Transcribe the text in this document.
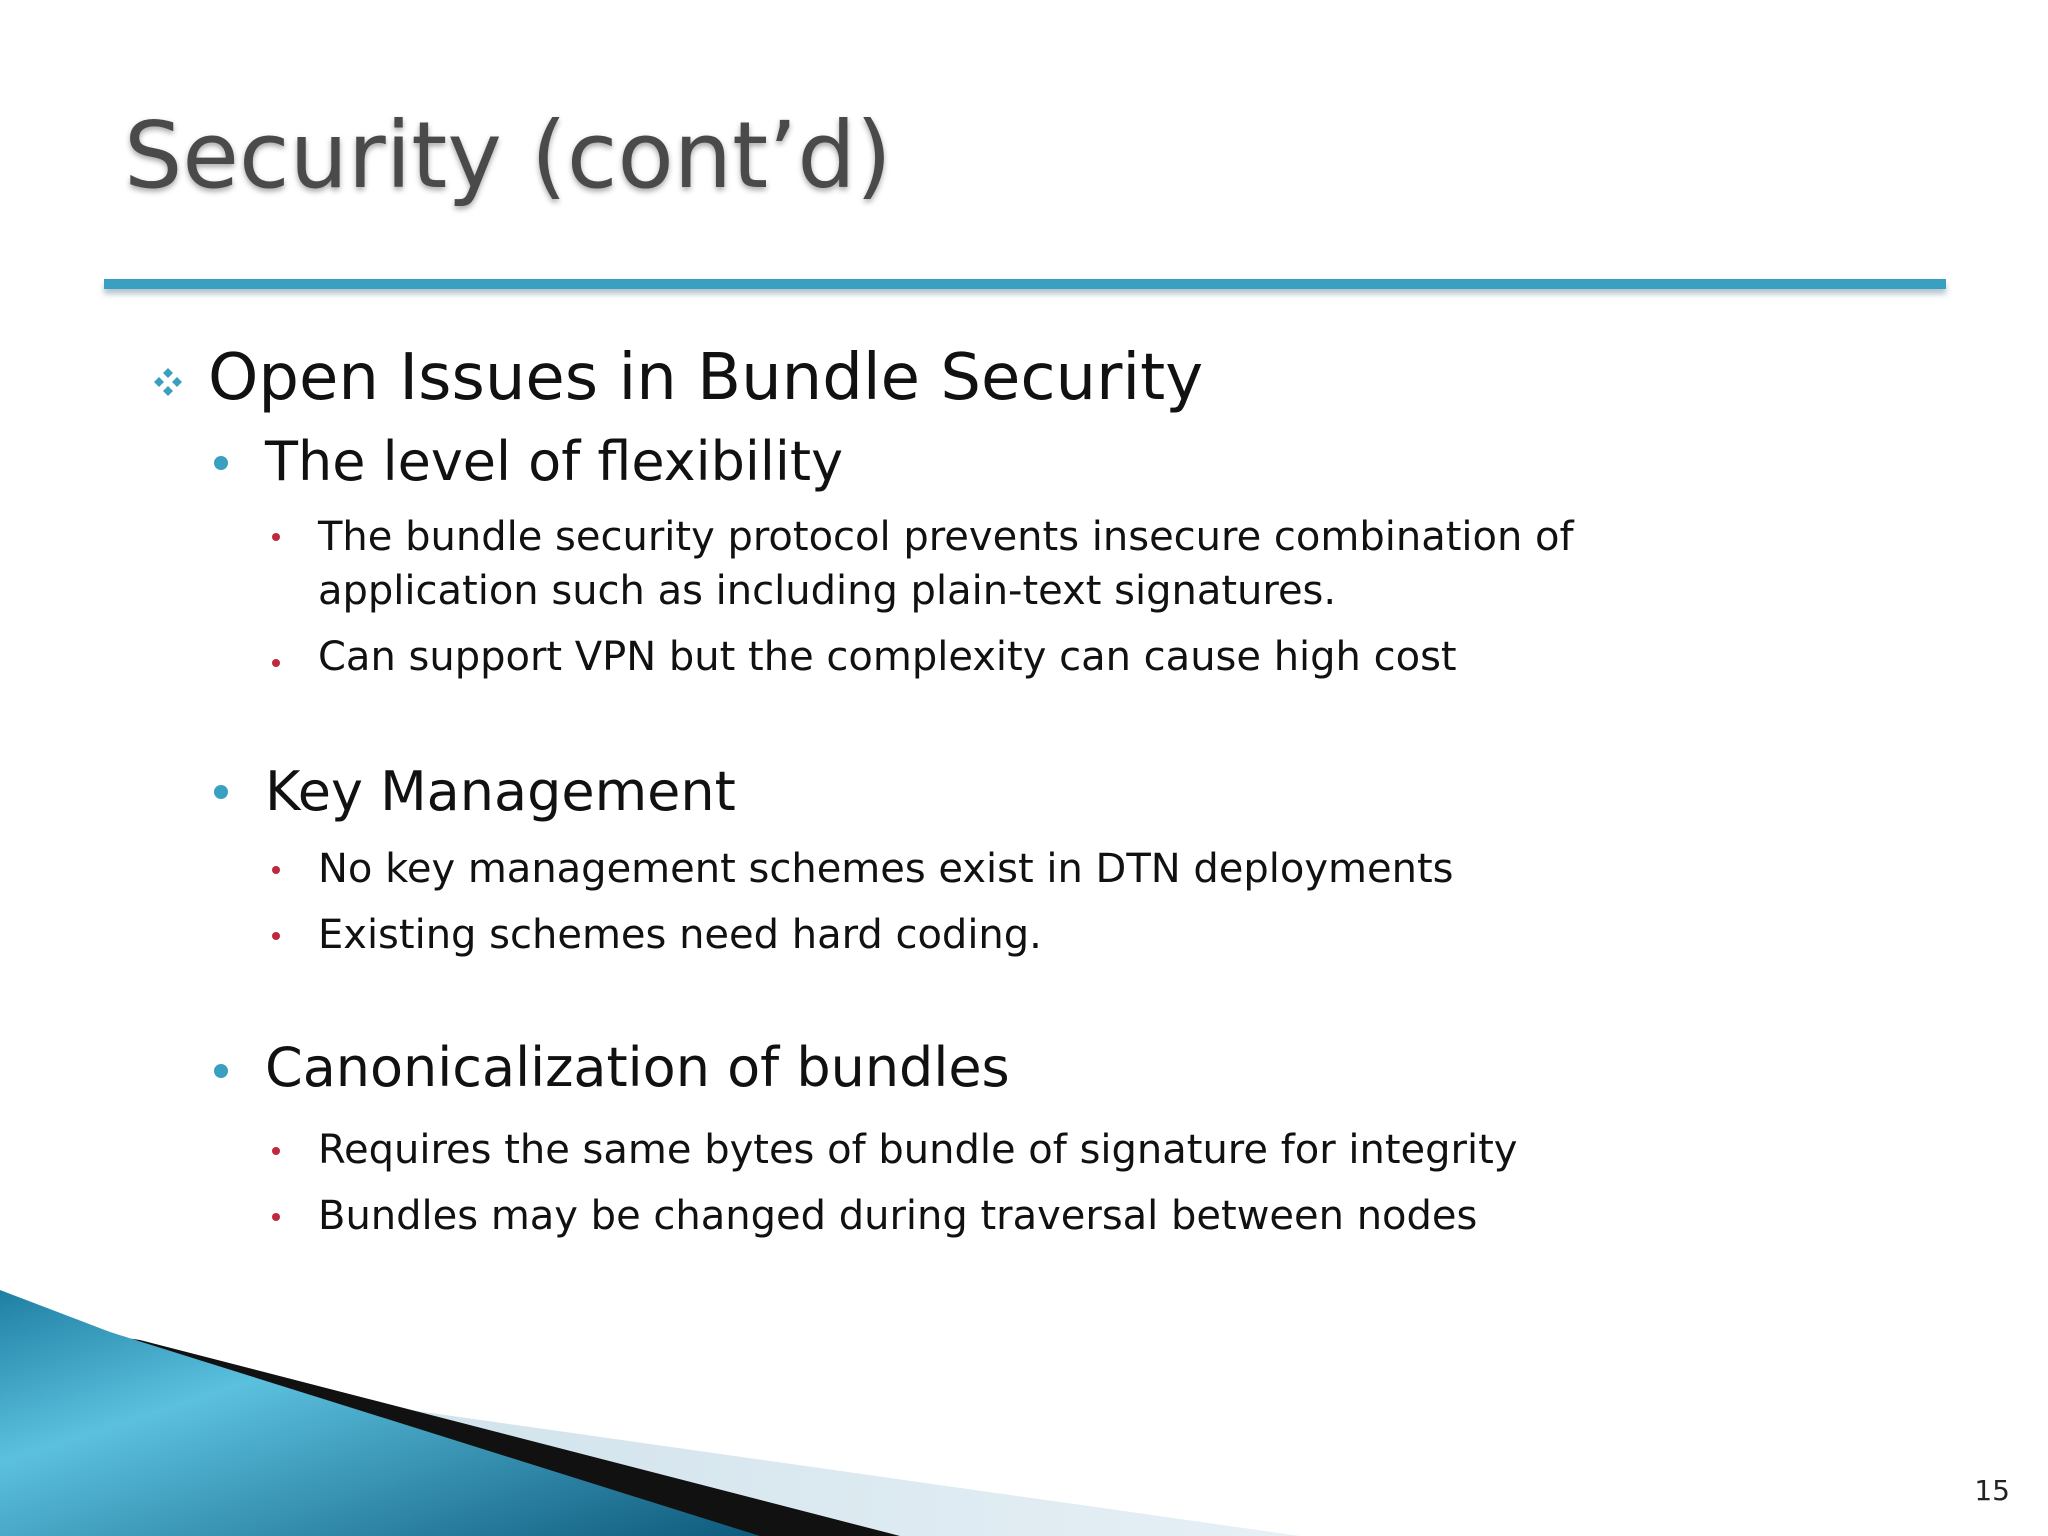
Security (cont’d)
Open Issues in Bundle Security
The level of flexibility
The bundle security protocol prevents insecure combination of application such as including plain-text signatures.
Can support VPN but the complexity can cause high cost
Key Management
No key management schemes exist in DTN deployments
Existing schemes need hard coding.
Canonicalization of bundles
Requires the same bytes of bundle of signature for integrity
Bundles may be changed during traversal between nodes
15
